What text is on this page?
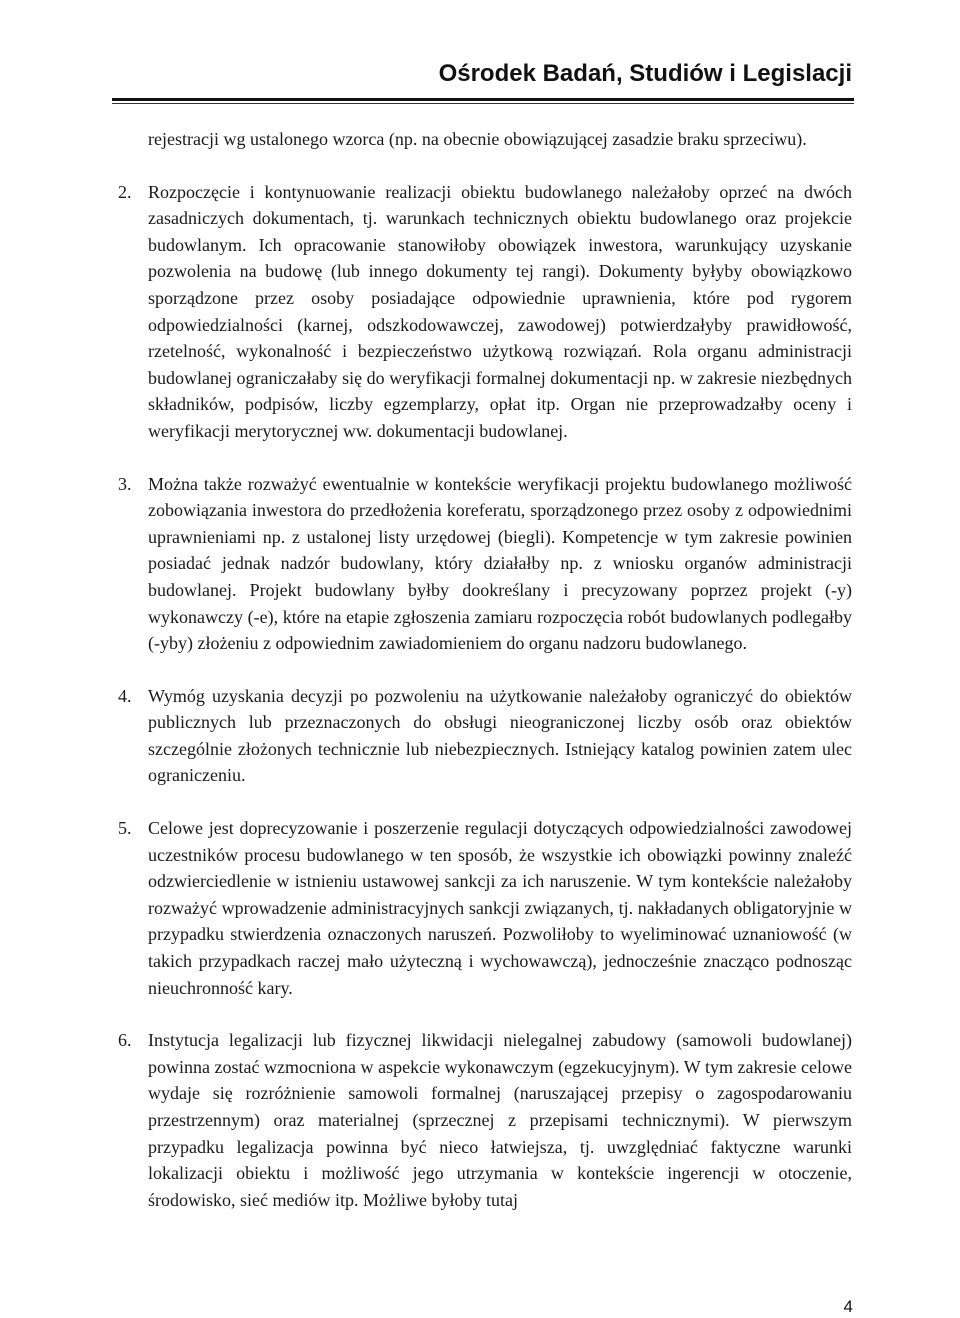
Ośrodek Badań, Studiów i Legislacji

rejestracji wg ustalonego wzorca (np. na obecnie obowiązującej zasadzie braku sprzeciwu).

2. Rozpoczęcie i kontynuowanie realizacji obiektu budowlanego należałoby oprzeć na dwóch zasadniczych dokumentach, tj. warunkach technicznych obiektu budowlanego oraz projekcie budowlanym. Ich opracowanie stanowiłoby obowiązek inwestora, warunkujący uzyskanie pozwolenia na budowę (lub innego dokumenty tej rangi). Dokumenty byłyby obowiązkowo sporządzone przez osoby posiadające odpowiednie uprawnienia, które pod rygorem odpowiedzialności (karnej, odszkodowawczej, zawodowej) potwierdzałyby prawidłowość, rzetelność, wykonalność i bezpieczeństwo użytkową rozwiązań. Rola organu administracji budowlanej ograniczałaby się do weryfikacji formalnej dokumentacji np. w zakresie niezbędnych składników, podpisów, liczby egzemplarzy, opłat itp. Organ nie przeprowadzałby oceny i weryfikacji merytorycznej ww. dokumentacji budowlanej.

3. Można także rozważyć ewentualnie w kontekście weryfikacji projektu budowlanego możliwość zobowiązania inwestora do przedłożenia koreferatu, sporządzonego przez osoby z odpowiednimi uprawnieniami np. z ustalonej listy urzędowej (biegli). Kompetencje w tym zakresie powinien posiadać jednak nadzór budowlany, który działałby np. z wniosku organów administracji budowlanej. Projekt budowlany byłby dookreślany i precyzowany poprzez projekt (-y) wykonawczy (-e), które na etapie zgłoszenia zamiaru rozpoczęcia robót budowlanych podlegałby (-yby) złożeniu z odpowiednim zawiadomieniem do organu nadzoru budowlanego.

4. Wymóg uzyskania decyzji po pozwoleniu na użytkowanie należałoby ograniczyć do obiektów publicznych lub przeznaczonych do obsługi nieograniczonej liczby osób oraz obiektów szczególnie złożonych technicznie lub niebezpiecznych. Istniejący katalog powinien zatem ulec ograniczeniu.

5. Celowe jest doprecyzowanie i poszerzenie regulacji dotyczących odpowiedzialności zawodowej uczestników procesu budowlanego w ten sposób, że wszystkie ich obowiązki powinny znaleźć odzwierciedlenie w istnieniu ustawowej sankcji za ich naruszenie. W tym kontekście należałoby rozważyć wprowadzenie administracyjnych sankcji związanych, tj. nakładanych obligatoryjnie w przypadku stwierdzenia oznaczonych naruszeń. Pozwoliłoby to wyeliminować uznaniowość (w takich przypadkach raczej mało użyteczną i wychowawczą), jednocześnie znacząco podnosząc nieuchronność kary.

6. Instytucja legalizacji lub fizycznej likwidacji nielegalnej zabudowy (samowoli budowlanej) powinna zostać wzmocniona w aspekcie wykonawczym (egzekucyjnym). W tym zakresie celowe wydaje się rozróżnienie samowoli formalnej (naruszającej przepisy o zagospodarowaniu przestrzennym) oraz materialnej (sprzecznej z przepisami technicznymi). W pierwszym przypadku legalizacja powinna być nieco łatwiejsza, tj. uwzględniać faktyczne warunki lokalizacji obiektu i możliwość jego utrzymania w kontekście ingerencji w otoczenie, środowisko, sieć mediów itp. Możliwe byłoby tutaj

4
